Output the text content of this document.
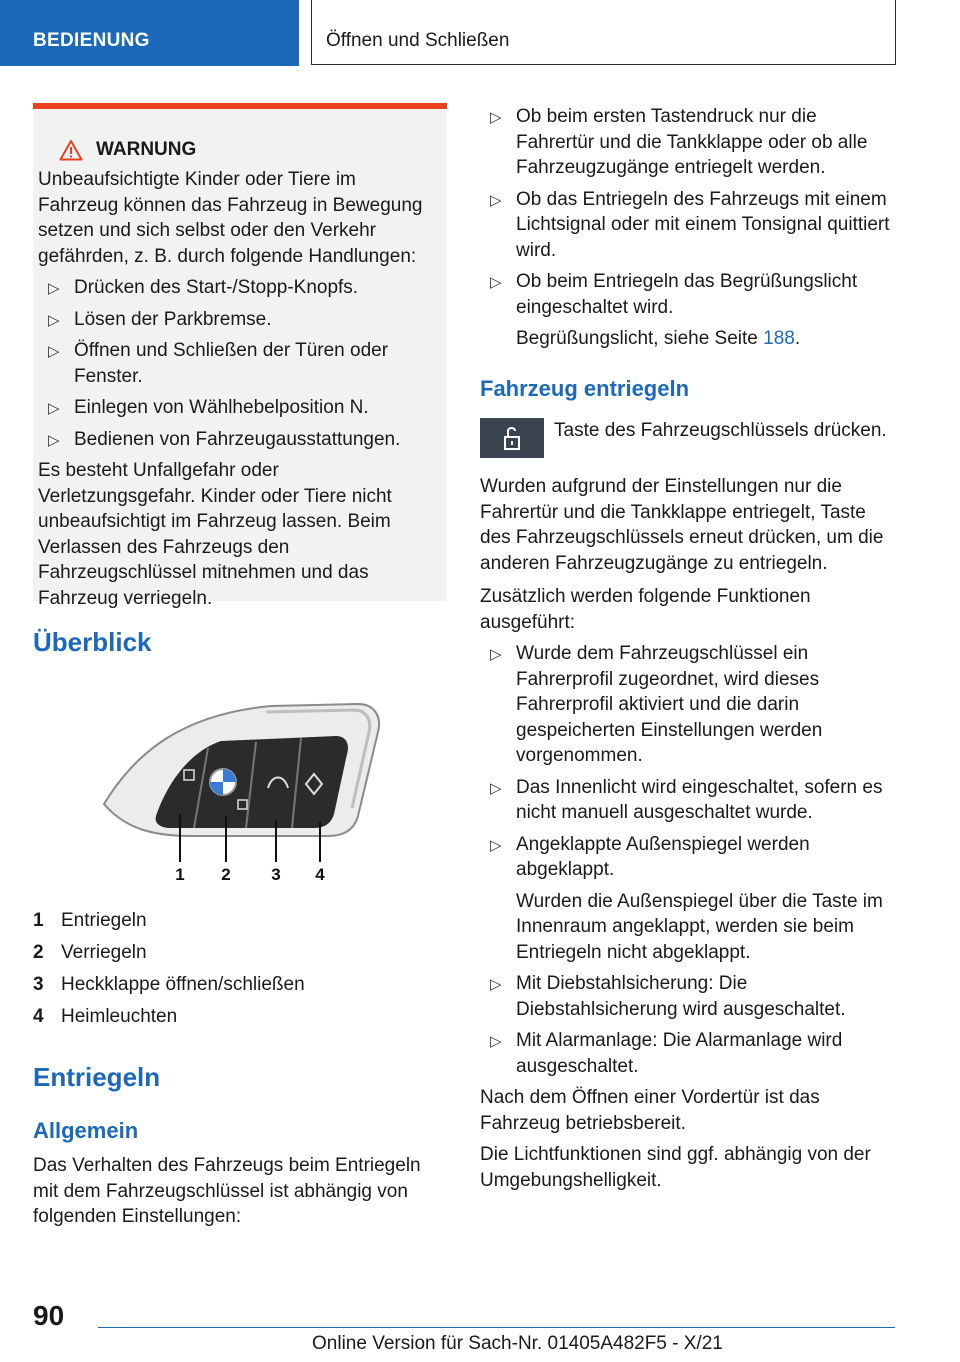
BEDIENUNG	Öffnen und Schließen
WARNUNG

Unbeaufsichtigte Kinder oder Tiere im Fahrzeug können das Fahrzeug in Bewegung setzen und sich selbst oder den Verkehr gefährden, z. B. durch folgende Handlungen:

▷ Drücken des Start-/Stopp-Knopfs.
▷ Lösen der Parkbremse.
▷ Öffnen und Schließen der Türen oder Fenster.
▷ Einlegen von Wählhebelposition N.
▷ Bedienen von Fahrzeugausstattungen.

Es besteht Unfallgefahr oder Verletzungsgefahr. Kinder oder Tiere nicht unbeaufsichtigt im Fahrzeug lassen. Beim Verlassen des Fahrzeugs den Fahrzeugschlüssel mitnehmen und das Fahrzeug verriegeln.

Überblick
1 2 3 4
1 Entriegeln
2 Verriegeln
3 Heckklappe öffnen/schließen
4 Heimleuchten
Entriegeln
Allgemein

Das Verhalten des Fahrzeugs beim Entriegeln mit dem Fahrzeugschlüssel ist abhängig von folgenden Einstellungen:

▷ Ob beim ersten Tastendruck nur die Fahrertür und die Tankklappe oder ob alle Fahrzeugzugänge entriegelt werden.
▷ Ob das Entriegeln des Fahrzeugs mit einem Lichtsignal oder mit einem Tonsignal quittiert wird.
▷ Ob beim Entriegeln das Begrüßungslicht eingeschaltet wird.
Begrüßungslicht, siehe Seite 188.
Fahrzeug entriegeln

Taste des Fahrzeugschlüssels drücken.

Wurden aufgrund der Einstellungen nur die Fahrertür und die Tankklappe entriegelt, Taste des Fahrzeugschlüssels erneut drücken, um die anderen Fahrzeugzugänge zu entriegeln.

Zusätzlich werden folgende Funktionen ausgeführt:

▷ Wurde dem Fahrzeugschlüssel ein Fahrerprofil zugeordnet, wird dieses Fahrerprofil aktiviert und die darin gespeicherten Einstellungen werden vorgenommen.
▷ Das Innenlicht wird eingeschaltet, sofern es nicht manuell ausgeschaltet wurde.
▷ Angeklappte Außenspiegel werden abgeklappt.
Wurden die Außenspiegel über die Taste im Innenraum angeklappt, werden sie beim Entriegeln nicht abgeklappt.
▷ Mit Diebstahlsicherung: Die Diebstahlsicherung wird ausgeschaltet.
▷ Mit Alarmanlage: Die Alarmanlage wird ausgeschaltet.

Nach dem Öffnen einer Vordertür ist das Fahrzeug betriebsbereit.

Die Lichtfunktionen sind ggf. abhängig von der Umgebungshelligkeit.

90
Online Version für Sach-Nr. 01405A482F5 - X/21
